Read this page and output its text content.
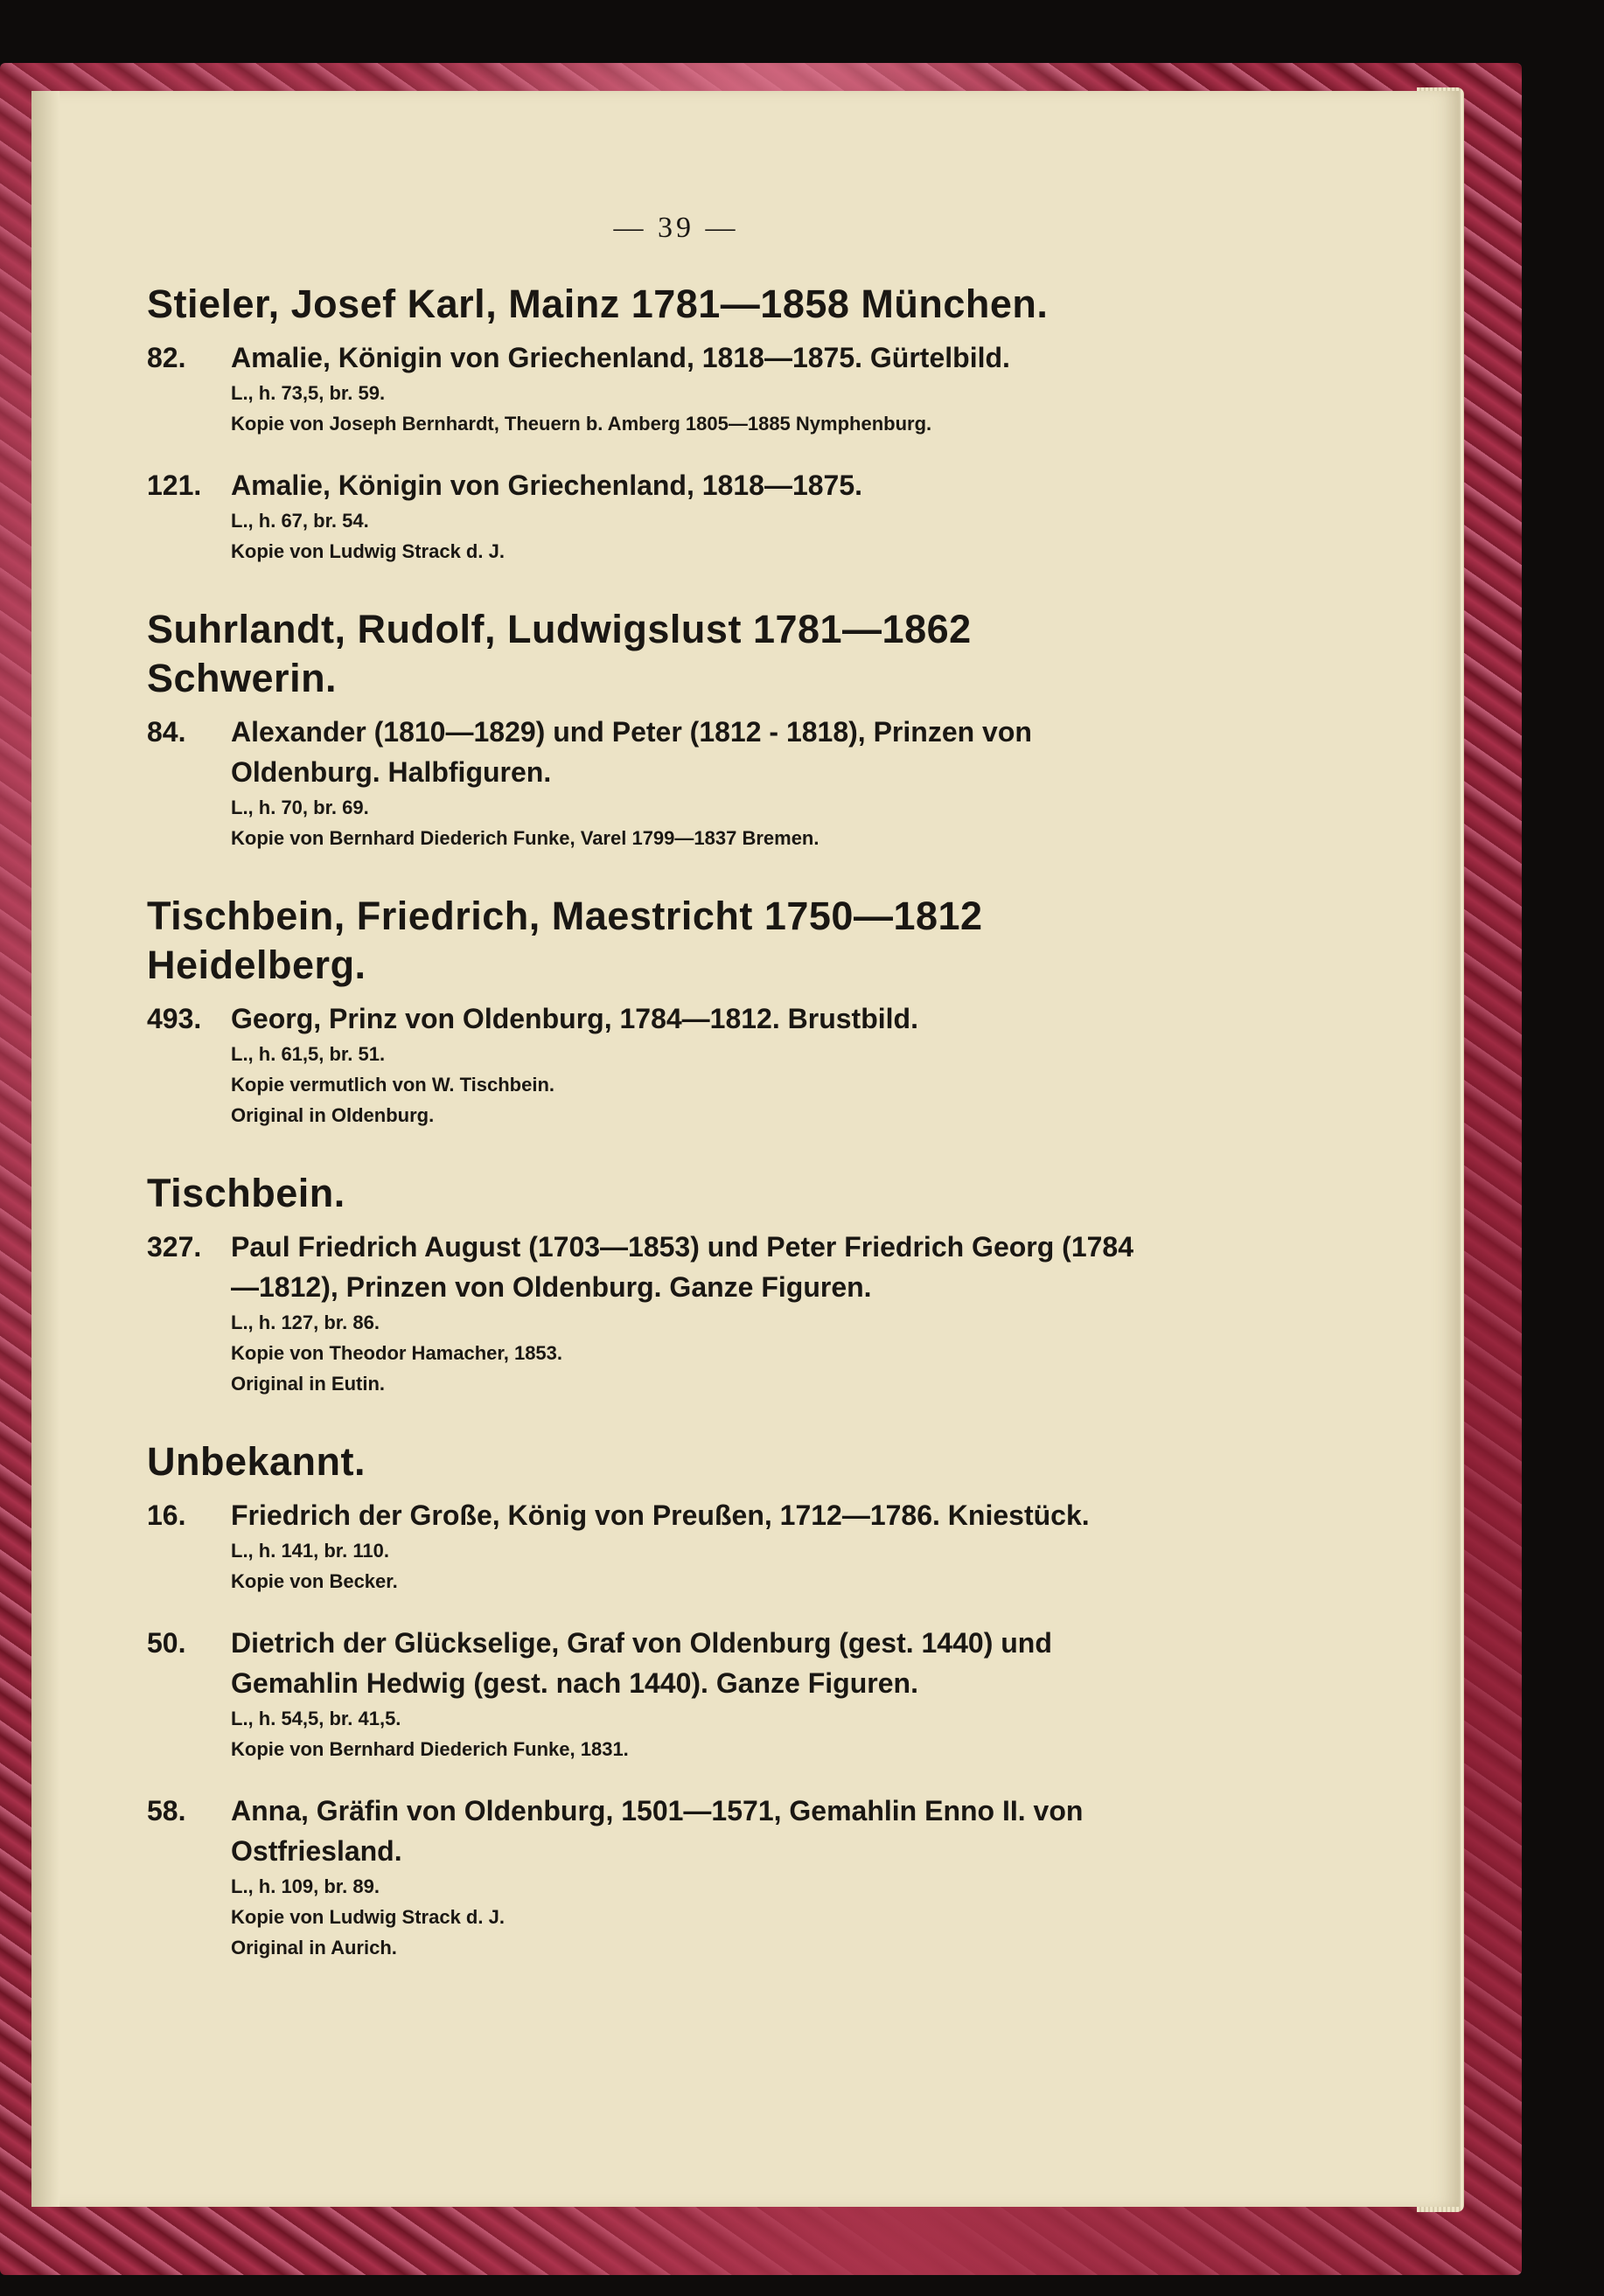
— 39 —
Stieler, Josef Karl, Mainz 1781—1858 München.
82.	Amalie, Königin von Griechenland, 1818—1875. Gürtelbild.
L., h. 73,5, br. 59.
Kopie von Joseph Bernhardt, Theuern b. Amberg 1805—1885 Nymphenburg.
121.	Amalie, Königin von Griechenland, 1818—1875.
L., h. 67, br. 54.
Kopie von Ludwig Strack d. J.
Suhrlandt, Rudolf, Ludwigslust 1781—1862 Schwerin.
84.	Alexander (1810—1829) und Peter (1812 - 1818), Prinzen von Oldenburg. Halbfiguren.
L., h. 70, br. 69.
Kopie von Bernhard Diederich Funke, Varel 1799—1837 Bremen.
Tischbein, Friedrich, Maestricht 1750—1812 Heidelberg.
493.	Georg, Prinz von Oldenburg, 1784—1812. Brustbild.
L., h. 61,5, br. 51.
Kopie vermutlich von W. Tischbein.
Original in Oldenburg.
Tischbein.
327.	Paul Friedrich August (1703—1853) und Peter Friedrich Georg (1784—1812), Prinzen von Oldenburg. Ganze Figuren.
L., h. 127, br. 86.
Kopie von Theodor Hamacher, 1853.
Original in Eutin.
Unbekannt.
16.	Friedrich der Große, König von Preußen, 1712—1786. Kniestück.
L., h. 141, br. 110.
Kopie von Becker.
50.	Dietrich der Glückselige, Graf von Oldenburg (gest. 1440) und Gemahlin Hedwig (gest. nach 1440). Ganze Figuren.
L., h. 54,5, br. 41,5.
Kopie von Bernhard Diederich Funke, 1831.
58.	Anna, Gräfin von Oldenburg, 1501—1571, Gemahlin Enno II. von Ostfriesland.
L., h. 109, br. 89.
Kopie von Ludwig Strack d. J.
Original in Aurich.
